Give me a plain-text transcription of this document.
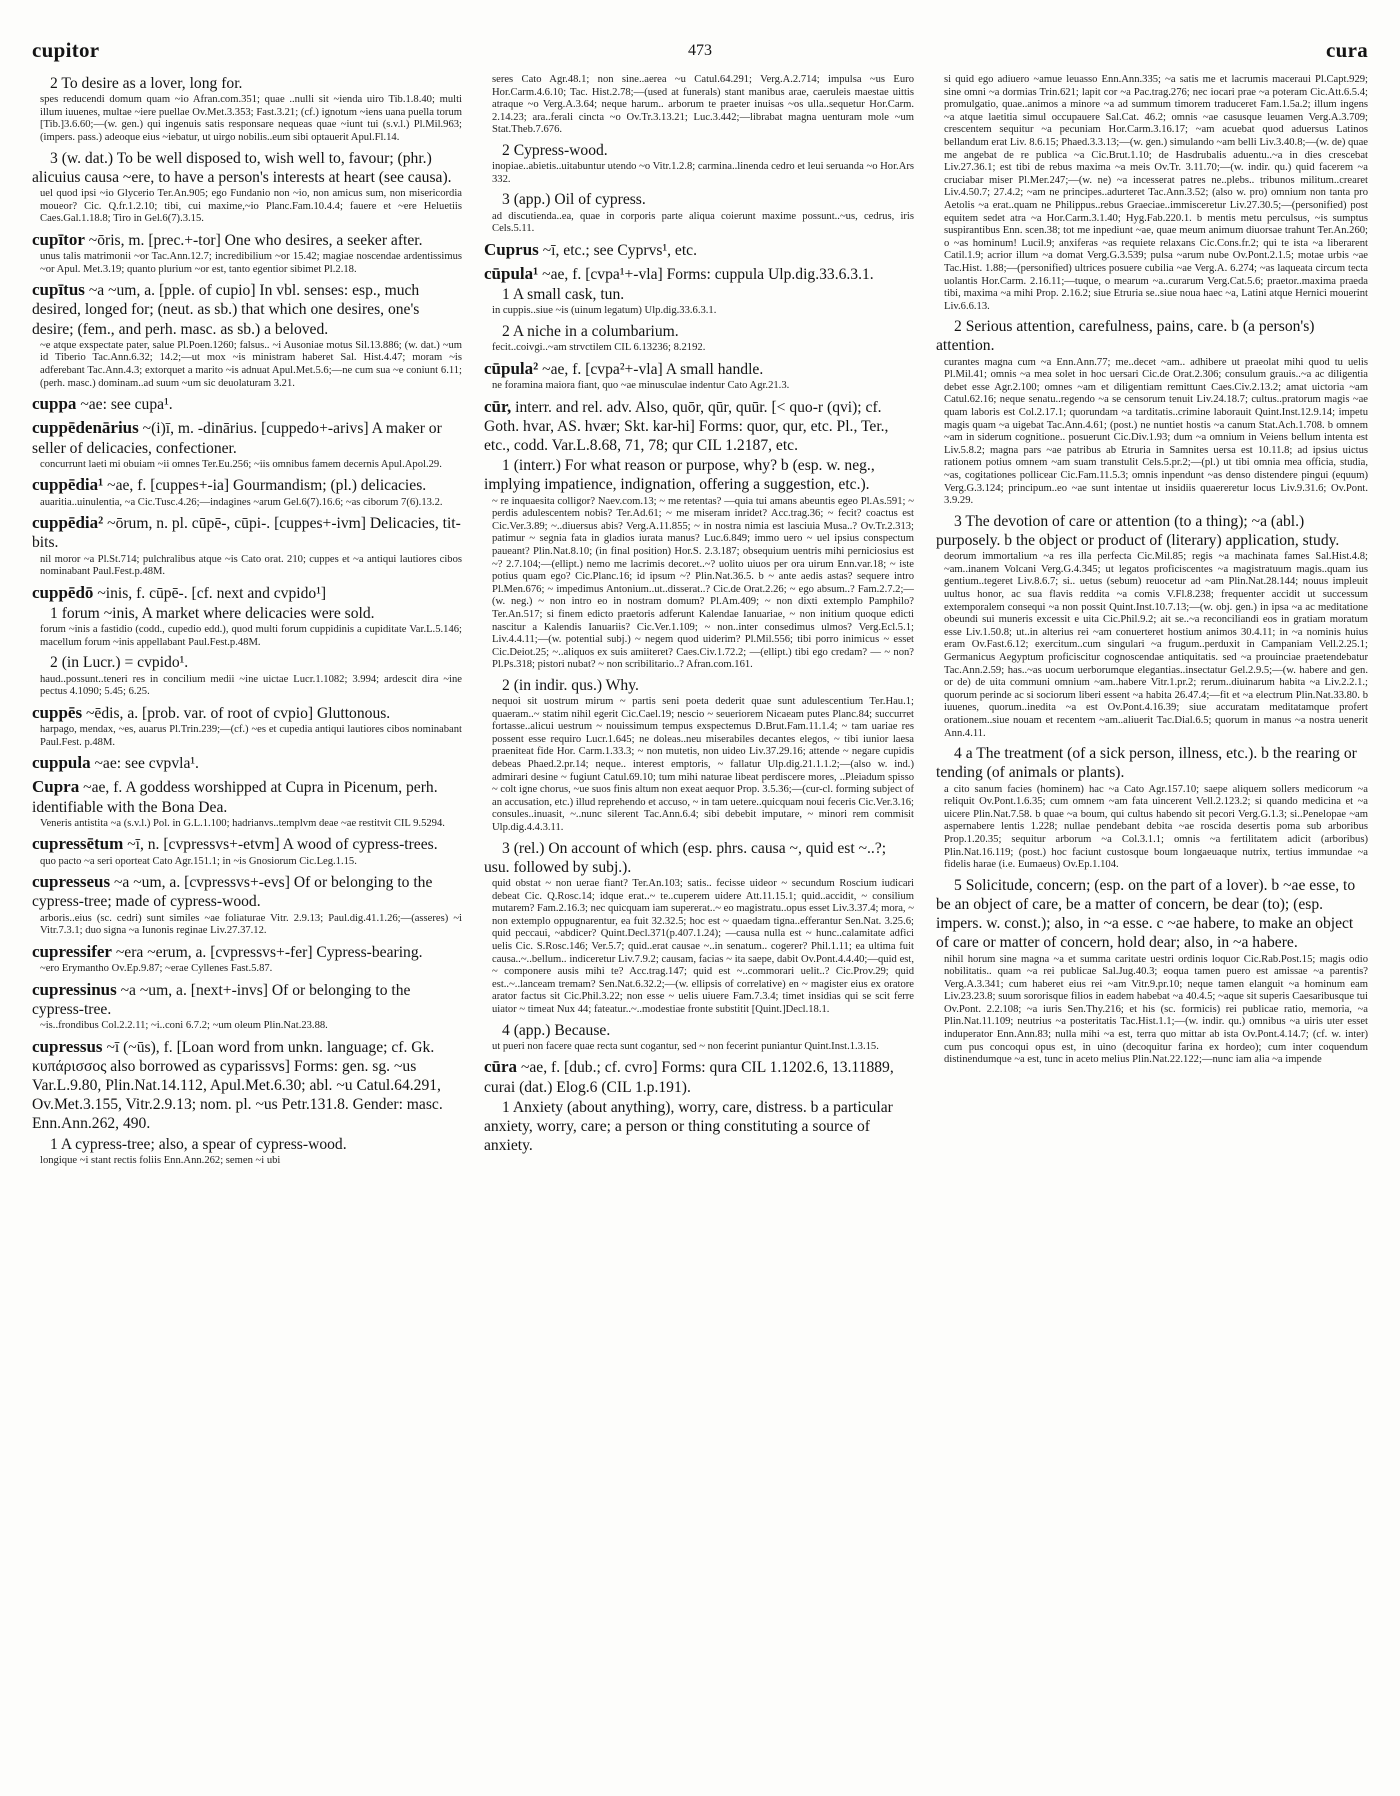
cupitor	473	cura

2 To desire as a lover, long for.

spes reducendi domum quam ~io Afran.com.351; quae ..nulli sit ~ienda uiro Tib.1.8.40; multi illum iuuenes, multae ~iere puellae Ov.Met.3.353; Fast.3.21; (cf.) ignotum ~iens uana puella torum [Tib.]3.6.60;—(w. gen.) qui ingenuis satis responsare nequeas quae ~iunt tui (s.v.l.) Pl.Mil.963; (impers. pass.) adeoque eius ~iebatur, ut uirgo nobilis..eum sibi optauerit Apul.Fl.14.

3 (w. dat.) To be well disposed to, wish well to, favour; (phr.) alicuius causa ~ere, to have a person's interests at heart (see causa).

uel quod ipsi ~io Glycerio Ter.An.905; ego Fundanio non ~io, non amicus sum, non misericordia moueor? Cic. Q.fr.1.2.10; tibi, cui maxime,~io Planc.Fam.10.4.4; fauere et ~ere Heluetiis Caes.Gal.1.18.8; Tiro in Gel.6(7).3.15.

cupītor ~ōris, m. [prec.+-tor] One who desires, a seeker after.

unus talis matrimonii ~or Tac.Ann.12.7; incredibilium ~or 15.42; magiae noscendae ardentissimus ~or Apul. Met.3.19; quanto plurium ~or est, tanto egentior sibimet Pl.2.18.

cupītus ~a ~um, a. [pple. of cupio] In vbl. senses: esp., much desired, longed for; (neut. as sb.) that which one desires, one's desire; (fem., and perh. masc. as sb.) a beloved.

~e atque exspectate pater, salue Pl.Poen.1260; falsus.. ~i Ausoniae motus Sil.13.886; (w. dat.) ~um id Tiberio Tac.Ann.6.32; 14.2;—ut mox ~is ministram haberet Sal. Hist.4.47; moram ~is adferebant Tac.Ann.4.3; extorquet a marito ~is adnuat Apul.Met.5.6;—ne cum sua ~e coniunt 6.11; (perh. masc.) dominam..ad suum ~um sic deuolaturam 3.21.

cuppa ~ae: see cupa¹.

cuppēdenārius ~(i)ī, m. -dinārius. [cuppedo+-arivs] A maker or seller of delicacies, confectioner.

concurrunt laeti mi obuiam ~ii omnes Ter.Eu.256; ~iis omnibus famem decernis Apul.Apol.29.

cuppēdia¹ ~ae, f. [cuppes+-ia] Gourmandism; (pl.) delicacies.

auaritia..uinulentia, ~a Cic.Tusc.4.26;—indagines ~arum Gel.6(7).16.6; ~as ciborum 7(6).13.2.

cuppēdia² ~ōrum, n. pl. cūpē-, cūpi-. [cuppes+-ivm] Delicacies, tit-bits.

nil moror ~a Pl.St.714; pulchralibus atque ~is Cato orat. 210; cuppes et ~a antiqui lautiores cibos nominabant Paul.Fest.p.48M.

cuppēdō ~inis, f. cūpē-. [cf. next and cvpido¹]

1 forum ~inis, A market where delicacies were sold.

forum ~inis a fastidio (codd., cupedio edd.), quod multi forum cuppidinis a cupiditate Var.L.5.146; macellum forum ~inis appellabant Paul.Fest.p.48M.

2 (in Lucr.) = cvpido¹.

haud..possunt..teneri res in concilium medii ~ine uictae Lucr.1.1082; 3.994; ardescit dira ~ine pectus 4.1090; 5.45; 6.25.

cuppēs ~ēdis, a. [prob. var. of root of cvpio] Gluttonous.

harpago, mendax, ~es, auarus Pl.Trin.239;—(cf.) ~es et cupedia antiqui lautiores cibos nominabant Paul.Fest. p.48M.

cuppula ~ae: see cvpvla¹.

Cupra ~ae, f. A goddess worshipped at Cupra in Picenum, perh. identifiable with the Bona Dea.

Veneris antistita ~a (s.v.l.) Pol. in G.L.1.100; hadrianvs..templvm deae ~ae restitvit CIL 9.5294.

cupressētum ~ī, n. [cvpressvs+-etvm] A wood of cypress-trees.

quo pacto ~a seri oporteat Cato Agr.151.1; in ~is Gnosiorum Cic.Leg.1.15.

cupresseus ~a ~um, a. [cvpressvs+-evs] Of or belonging to the cypress-tree; made of cypress-wood.

arboris..eius (sc. cedri) sunt similes ~ae foliaturae Vitr. 2.9.13; Paul.dig.41.1.26;—(asseres) ~i Vitr.7.3.1; duo signa ~a Iunonis reginae Liv.27.37.12.

cupressifer ~era ~erum, a. [cvpressvs+-fer] Cypress-bearing.

~ero Erymantho Ov.Ep.9.87; ~erae Cyllenes Fast.5.87.

cupressinus ~a ~um, a. [next+-invs] Of or belonging to the cypress-tree.

~is..frondibus Col.2.2.11; ~i..coni 6.7.2; ~um oleum Plin.Nat.23.88.

cupressus ~ī (~ūs), f. [Loan word from unkn. language; cf. Gk. κυπάρισσος also borrowed as cyparissvs] Forms: gen. sg. ~us Var.L.9.80, Plin.Nat.14.112, Apul.Met.6.30; abl. ~u Catul.64.291, Ov.Met.3.155, Vitr.2.9.13; nom. pl. ~us Petr.131.8. Gender: masc. Enn.Ann.262, 490.

1 A cypress-tree; also, a spear of cypress-wood.

longique ~i stant rectis foliis Enn.Ann.262; semen ~i ubi

seres Cato Agr.48.1; non sine..aerea ~u Catul.64.291; Verg.A.2.714; impulsa ~us Euro Hor.Carm.4.6.10; Tac. Hist.2.78;—(used at funerals) stant manibus arae, caeruleis maestae uittis atraque ~o Verg.A.3.64; neque harum.. arborum te praeter inuisas ~os ulla..sequetur Hor.Carm. 2.14.23; ara..ferali cincta ~o Ov.Tr.3.13.21; Luc.3.442;—librabat magna uenturam mole ~um Stat.Theb.7.676.

2 Cypress-wood.

inopiae..abietis..uitabuntur utendo ~o Vitr.1.2.8; carmina..linenda cedro et leui seruanda ~o Hor.Ars 332.

3 (app.) Oil of cypress.

ad discutienda..ea, quae in corporis parte aliqua coierunt maxime possunt..~us, cedrus, iris Cels.5.11.

Cuprus ~ī, etc.; see Cyprvs¹, etc.

cūpula¹ ~ae, f. [cvpa¹+-vla] Forms: cuppula Ulp.dig.33.6.3.1.

1 A small cask, tun.

in cuppis..siue ~is (uinum legatum) Ulp.dig.33.6.3.1.

2 A niche in a columbarium.

fecit..coivgi..~am strvctilem CIL 6.13236; 8.2192.

cūpula² ~ae, f. [cvpa²+-vla] A small handle.

ne foramina maiora fiant, quo ~ae minusculae indentur Cato Agr.21.3.

cūr, interr. and rel. adv. Also, quōr, qūr, quūr. [< quo-r (qvi); cf. Goth. hvar, AS. hvær; Skt. kar-hi] Forms: quor, qur, etc. Pl., Ter., etc., codd. Var.L.8.68, 71, 78; qur CIL 1.2187, etc.

1 (interr.) For what reason or purpose, why? b (esp. w. neg., implying impatience, indignation, offering a suggestion, etc.).

~ re inquaesita colligor? Naev.com.13; ~ me retentas? —quia tui amans abeuntis egeo Pl.As.591; ~ perdis adulescentem nobis? Ter.Ad.61; ~ me miseram inridet? Acc.trag.36; ~ fecit? coactus est Cic.Ver.3.89; ~..diuersus abis? Verg.A.11.855; ~ in nostra nimia est lasciuia Musa..? Ov.Tr.2.313; patimur ~ segnia fata in gladios iurata manus? Luc.6.849; immo uero ~ uel ipsius conspectum paueant? Plin.Nat.8.10; (in final position) Hor.S. 2.3.187; obsequium uentris mihi perniciosius est ~? 2.7.104;—(ellipt.) nemo me lacrimis decoret..~? uolito uiuos per ora uirum Enn.var.18; ~ iste potius quam ego? Cic.Planc.16; id ipsum ~? Plin.Nat.36.5. b ~ ante aedis astas? sequere intro Pl.Men.676; ~ impedimus Antonium..ut..disserat..? Cic.de Orat.2.26; ~ ego absum..? Fam.2.7.2;—(w. neg.) ~ non intro eo in nostram domum? Pl.Am.409; ~ non dixti extemplo Pamphilo? Ter.An.517; si finem edicto praetoris adferunt Kalendae Ianuariae, ~ non initium quoque edicti nascitur a Kalendis Ianuariis? Cic.Ver.1.109; ~ non..inter consedimus ulmos? Verg.Ecl.5.1; Liv.4.4.11;—(w. potential subj.) ~ negem quod uiderim? Pl.Mil.556; tibi porro inimicus ~ esset Cic.Deiot.25; ~..aliquos ex suis amiiteret? Caes.Civ.1.72.2; —(ellipt.) tibi ego credam? — ~ non? Pl.Ps.318; pistori nubat? ~ non scribilitario..? Afran.com.161.

2 (in indir. qus.) Why.

nequoi sit uostrum mirum ~ partis seni poeta dederit quae sunt adulescentium Ter.Hau.1; quaeram..~ statim nihil egerit Cic.Cael.19; nescio ~ seueriorem Nicaeam putes Planc.84; succurret fortasse..alicui uestrum ~ nouissimum tempus exspectemus D.Brut.Fam.11.1.4; ~ tam uariae res possent esse requiro Lucr.1.645; ne doleas..neu miserabiles decantes elegos, ~ tibi iunior laesa praeniteat fide Hor. Carm.1.33.3; ~ non mutetis, non uideo Liv.37.29.16; attende ~ negare cupidis debeas Phaed.2.pr.14; neque.. interest emptoris, ~ fallatur Ulp.dig.21.1.1.2;—(also w. ind.) admirari desine ~ fugiunt Catul.69.10; tum mihi naturae libeat perdiscere mores, ..Pleiadum spisso ~ colt igne chorus, ~ue suos finis altum non exeat aequor Prop. 3.5.36;—(cur-cl. forming subject of an accusation, etc.) illud reprehendo et accuso, ~ in tam uetere..quicquam noui feceris Cic.Ver.3.16; consules..inuasit, ~..nunc silerent Tac.Ann.6.4; sibi debebit imputare, ~ minori rem commisit Ulp.dig.4.4.3.11.

3 (rel.) On account of which (esp. phrs. causa ~, quid est ~..?; usu. followed by subj.).

quid obstat ~ non uerae fiant? Ter.An.103; satis.. fecisse uideor ~ secundum Roscium iudicari debeat Cic. Q.Rosc.14; idque erat..~ te..cuperem uidere Att.11.15.1; quid..accidit, ~ consilium mutarem? Fam.2.16.3; nec quicquam iam supererat..~ eo magistratu..opus esset Liv.3.37.4; mora, ~ non extemplo oppugnarentur, ea fuit 32.32.5; hoc est ~ quaedam tigna..efferantur Sen.Nat. 3.25.6; quid peccaui, ~abdicer? Quint.Decl.371(p.407.1.24); —causa nulla est ~ hunc..calamitate adfici uelis Cic. S.Rosc.146; Ver.5.7; quid..erat causae ~..in senatum.. cogerer? Phil.1.11; ea ultima fuit causa..~..bellum.. indiceretur Liv.7.9.2; causam, facias ~ ita saepe, dabit Ov.Pont.4.4.40;—quid est, ~ componere ausis mihi te? Acc.trag.147; quid est ~..commorari uelit..? Cic.Prov.29; quid est..~..lanceam tremam? Sen.Nat.6.32.2;—(w. ellipsis of correlative) en ~ magister eius ex oratore arator factus sit Cic.Phil.3.22; non esse ~ uelis uiuere Fam.7.3.4; timet insidias qui se scit ferre uiator ~ timeat Nux 44; fateatur..~..modestiae fronte substitit [Quint.]Decl.18.1.

4 (app.) Because.

ut pueri non facere quae recta sunt cogantur, sed ~ non fecerint puniantur Quint.Inst.1.3.15.

cūra ~ae, f. [dub.; cf. cvro] Forms: qura CIL 1.1202.6, 13.11889, curai (dat.) Elog.6 (CIL 1.p.191).

1 Anxiety (about anything), worry, care, distress. b a particular anxiety, worry, care; a person or thing constituting a source of anxiety.

si quid ego adiuero ~amue leuasso Enn.Ann.335; ~a satis me et lacrumis maceraui Pl.Capt.929; sine omni ~a dormias Trin.621; lapit cor ~a Pac.trag.276; nec iocari prae ~a poteram Cic.Att.6.5.4; promulgatio, quae..animos a minore ~a ad summum timorem traduceret Fam.1.5a.2; illum ingens ~a atque laetitia simul occupauere Sal.Cat. 46.2; omnis ~ae casusque leuamen Verg.A.3.709; crescentem sequitur ~a pecuniam Hor.Carm.3.16.17; ~am acuebat quod aduersus Latinos bellandum erat Liv. 8.6.15; Phaed.3.3.13;—(w. gen.) simulando ~am belli Liv.3.40.8;—(w. de) quae me angebat de re publica ~a Cic.Brut.1.10; de Hasdrubalis aduentu..~a in dies crescebat Liv.27.36.1; est tibi de rebus maxima ~a meis Ov.Tr. 3.11.70;—(w. indir. qu.) quid facerem ~a cruciabar miser Pl.Mer.247;—(w. ne) ~a incesserat patres ne..plebs.. tribunos militum..crearet Liv.4.50.7; 27.4.2; ~am ne principes..adurteret Tac.Ann.3.52; (also w. pro) omnium non tanta pro Aetolis ~a erat..quam ne Philippus..rebus Graeciae..immisceretur Liv.27.30.5;—(personified) post equitem sedet atra ~a Hor.Carm.3.1.40; Hyg.Fab.220.1. b mentis metu perculsus, ~is sumptus suspirantibus Enn. scen.38; tot me inpediunt ~ae, quae meum animum diuorsae trahunt Ter.An.260; o ~as hominum! Lucil.9; anxiferas ~as requiete relaxans Cic.Cons.fr.2; qui te ista ~a liberarent Catil.1.9; acrior illum ~a domat Verg.G.3.539; pulsa ~arum nube Ov.Pont.2.1.5; motae urbis ~ae Tac.Hist. 1.88;—(personified) ultrices posuere cubilia ~ae Verg.A. 6.274; ~as laqueata circum tecta uolantis Hor.Carm. 2.16.11;—tuque, o mearum ~a..curarum Verg.Cat.5.6; praetor..maxima praeda tibi, maxima ~a mihi Prop. 2.16.2; siue Etruria se..siue noua haec ~a, Latini atque Hernici mouerint Liv.6.6.13.

2 Serious attention, carefulness, pains, care. b (a person's) attention.

curantes magna cum ~a Enn.Ann.77; me..decet ~am.. adhibere ut praeolat mihi quod tu uelis Pl.Mil.41; omnis ~a mea solet in hoc uersari Cic.de Orat.2.306; consulum grauis..~a ac diligentia debet esse Agr.2.100; omnes ~am et diligentiam remittunt Caes.Civ.2.13.2; amat uictoria ~am Catul.62.16; neque senatu..regendo ~a se censorum tenuit Liv.24.18.7; cultus..pratorum magis ~ae quam laboris est Col.2.17.1; quorundam ~a tarditatis..crimine laborauit Quint.Inst.12.9.14; impetu magis quam ~a uigebat Tac.Ann.4.61; (post.) ne nuntiet hostis ~a canum Stat.Ach.1.708. b omnem ~am in siderum cognitione.. posuerunt Cic.Div.1.93; dum ~a omnium in Veiens bellum intenta est Liv.5.8.2; magna pars ~ae patribus ab Etruria in Samnites uersa est 10.11.8; ad ipsius uictus rationem potius omnem ~am suam transtulit Cels.5.pr.2;—(pl.) ut tibi omnia mea officia, studia, ~as, cogitationes pollicear Cic.Fam.11.5.3; omnis inpendunt ~as denso distendere pingui (equum) Verg.G.3.124; principum..eo ~ae sunt intentae ut insidiis quaereretur locus Liv.9.31.6; Ov.Pont. 3.9.29.

3 The devotion of care or attention (to a thing); ~a (abl.) purposely. b the object or product of (literary) application, study.

deorum immortalium ~a res illa perfecta Cic.Mil.85; regis ~a machinata fames Sal.Hist.4.8; ~am..inanem Volcani Verg.G.4.345; ut legatos proficiscentes ~a magistratuum magis..quam ius gentium..tegeret Liv.8.6.7; si.. uetus (sebum) reuocetur ad ~am Plin.Nat.28.144; nouus impleuit uultus honor, ac sua flavis reddita ~a comis V.Fl.8.238; frequenter accidit ut successum extemporalem consequi ~a non possit Quint.Inst.10.7.13;—(w. obj. gen.) in ipsa ~a ac meditatione obeundi sui muneris excessit e uita Cic.Phil.9.2; ait se..~a reconciliandi eos in gratiam moratum esse Liv.1.50.8; ut..in alterius rei ~am conuerteret hostium animos 30.4.11; in ~a nominis huius eram Ov.Fast.6.12; exercitum..cum singulari ~a frugum..perduxit in Campaniam Vell.2.25.1; Germanicus Aegyptum proficiscitur cognoscendae antiquitatis. sed ~a prouinciae praetendebatur Tac.Ann.2.59; has..~as uocum uerborumque elegantias..insectatur Gel.2.9.5;—(w. habere and gen. or de) de uita communi omnium ~am..habere Vitr.1.pr.2; rerum..diuinarum habita ~a Liv.2.2.1.; quorum perinde ac si sociorum liberi essent ~a habita 26.47.4;—fit et ~a electrum Plin.Nat.33.80. b iuuenes, quorum..inedita ~a est Ov.Pont.4.16.39; siue accuratam meditatamque profert orationem..siue nouam et recentem ~am..aliuerit Tac.Dial.6.5; quorum in manus ~a nostra uenerit Ann.4.11.

4 a The treatment (of a sick person, illness, etc.). b the rearing or tending (of animals or plants).

a cito sanum facies (hominem) hac ~a Cato Agr.157.10; saepe aliquem sollers medicorum ~a reliquit Ov.Pont.1.6.35; cum omnem ~am fata uincerent Vell.2.123.2; si quando medicina et ~a uicere Plin.Nat.7.58. b quae ~a boum, qui cultus habendo sit pecori Verg.G.1.3; si..Penelopae ~am aspernabere lentis 1.228; nullae pendebant debita ~ae roscida desertis poma sub arboribus Prop.1.20.35; sequitur arborum ~a Col.3.1.1; omnis ~a fertilitatem adicit (arboribus) Plin.Nat.16.119; (post.) hoc faciunt custosque boum longaeuaque nutrix, tertius immundae ~a fidelis harae (i.e. Eumaeus) Ov.Ep.1.104.

5 Solicitude, concern; (esp. on the part of a lover). b ~ae esse, to be an object of care, be a matter of concern, be dear (to); (esp. impers. w. const.); also, in ~a esse. c ~ae habere, to make an object of care or matter of concern, hold dear; also, in ~a habere.

nihil horum sine magna ~a et summa caritate uestri ordinis loquor Cic.Rab.Post.15; magis odio nobilitatis.. quam ~a rei publicae Sal.Jug.40.3; eoqua tamen puero est amissae ~a parentis? Verg.A.3.341; cum haberet eius rei ~am Vitr.9.pr.10; neque tamen elanguit ~a hominum eam Liv.23.23.8; suum sororisque filios in eadem habebat ~a 40.4.5; ~aque sit superis Caesaribusque tui Ov.Pont. 2.2.108; ~a iuris Sen.Thy.216; et his (sc. formicis) rei publicae ratio, memoria, ~a Plin.Nat.11.109; neutrius ~a posteritatis Tac.Hist.1.1;—(w. indir. qu.) omnibus ~a uiris uter esset induperator Enn.Ann.83; nulla mihi ~a est, terra quo mittar ab ista Ov.Pont.4.14.7; (cf. w. inter) cum pus concoqui opus est, in uino (decoquitur farina ex hordeo); cum inter coquendum distinendumque ~a est, tunc in aceto melius Plin.Nat.22.122;—nunc iam alia ~a impende
